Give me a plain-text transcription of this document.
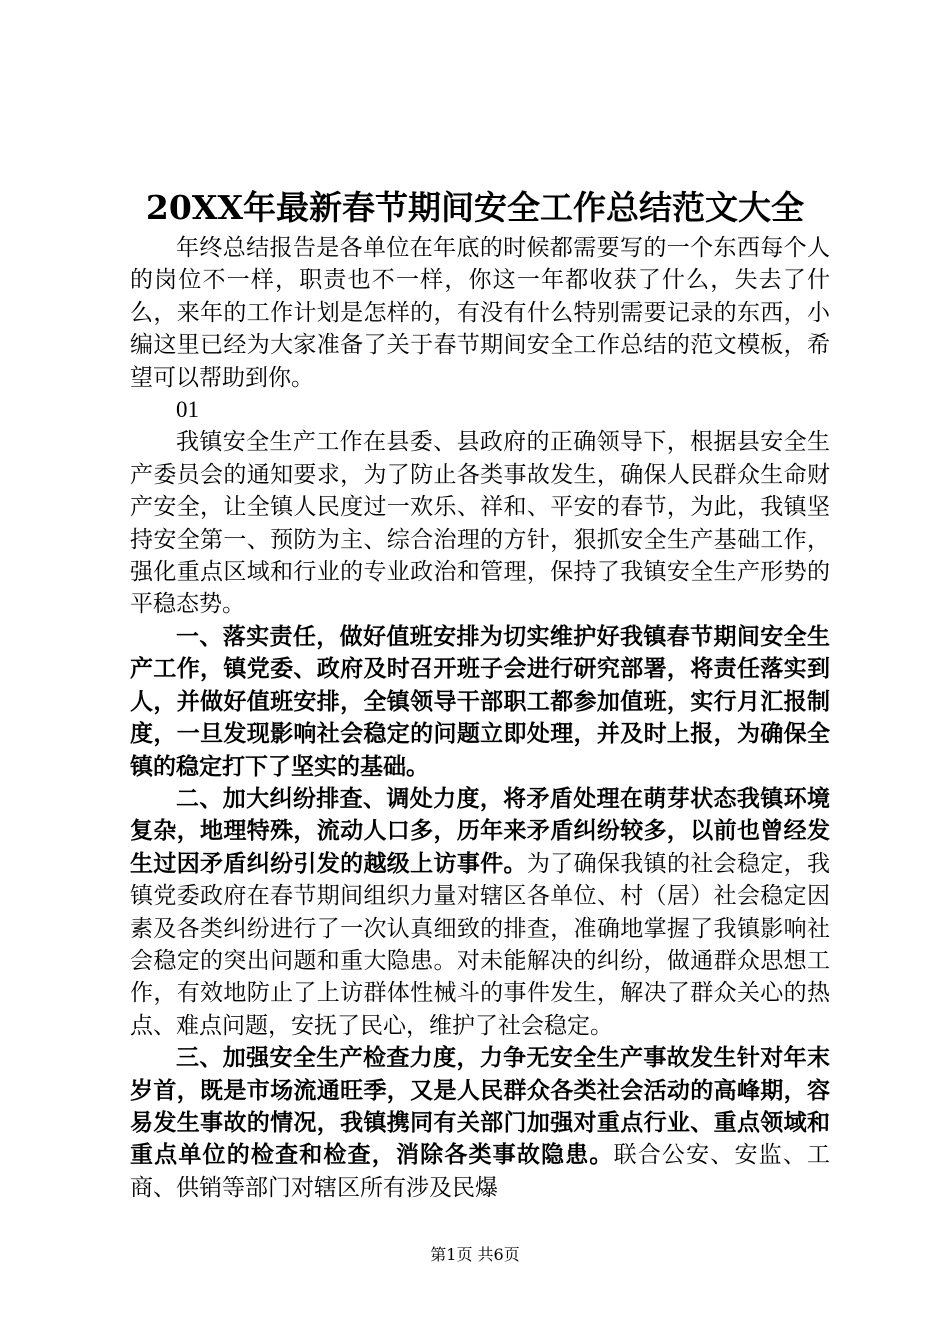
20XX年最新春节期间安全工作总结范文大全

年终总结报告是各单位在年底的时候都需要写的一个东西每个人的岗位不一样，职责也不一样，你这一年都收获了什么，失去了什么，来年的工作计划是怎样的，有没有什么特别需要记录的东西，小编这里已经为大家准备了关于春节期间安全工作总结的范文模板，希望可以帮助到你。

01

我镇安全生产工作在县委、县政府的正确领导下，根据县安全生产委员会的通知要求，为了防止各类事故发生，确保人民群众生命财产安全，让全镇人民度过一欢乐、祥和、平安的春节，为此，我镇坚持安全第一、预防为主、综合治理的方针，狠抓安全生产基础工作，强化重点区域和行业的专业政治和管理，保持了我镇安全生产形势的平稳态势。

一、落实责任，做好值班安排为切实维护好我镇春节期间安全生产工作，镇党委、政府及时召开班子会进行研究部署，将责任落实到人，并做好值班安排，全镇领导干部职工都参加值班，实行月汇报制度，一旦发现影响社会稳定的问题立即处理，并及时上报，为确保全镇的稳定打下了坚实的基础。

二、加大纠纷排查、调处力度，将矛盾处理在萌芽状态我镇环境复杂，地理特殊，流动人口多，历年来矛盾纠纷较多，以前也曾经发生过因矛盾纠纷引发的越级上访事件。为了确保我镇的社会稳定，我镇党委政府在春节期间组织力量对辖区各单位、村（居）社会稳定因素及各类纠纷进行了一次认真细致的排查，准确地掌握了我镇影响社会稳定的突出问题和重大隐患。对未能解决的纠纷，做通群众思想工作，有效地防止了上访群体性械斗的事件发生，解决了群众关心的热点、难点问题，安抚了民心，维护了社会稳定。

三、加强安全生产检查力度，力争无安全生产事故发生针对年末岁首，既是市场流通旺季，又是人民群众各类社会活动的高峰期，容易发生事故的情况，我镇携同有关部门加强对重点行业、重点领域和重点单位的检查和检查，消除各类事故隐患。联合公安、安监、工商、供销等部门对辖区所有涉及民爆

第1页 共6页
